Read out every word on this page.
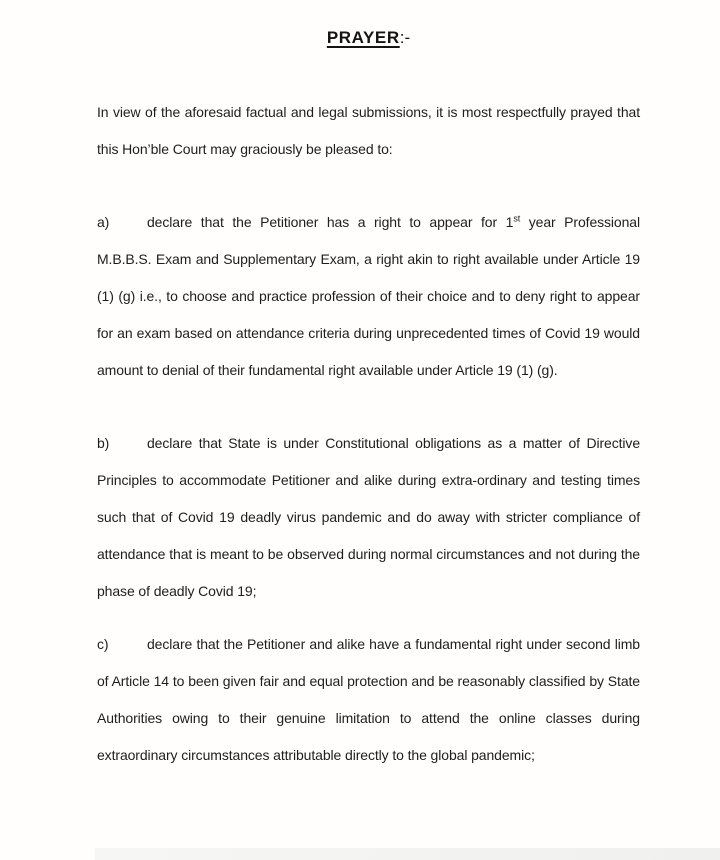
PRAYER:-

In view of the aforesaid factual and legal submissions, it is most respectfully prayed that this Hon’ble Court may graciously be pleased to:

a)	declare that the Petitioner has a right to appear for 1st year Professional M.B.B.S. Exam and Supplementary Exam, a right akin to right available under Article 19 (1) (g) i.e., to choose and practice profession of their choice and to deny right to appear for an exam based on attendance criteria during unprecedented times of Covid 19 would amount to denial of their fundamental right available under Article 19 (1) (g).

b)	declare that State is under Constitutional obligations as a matter of Directive Principles to accommodate Petitioner and alike during extra-ordinary and testing times such that of Covid 19 deadly virus pandemic and do away with stricter compliance of attendance that is meant to be observed during normal circumstances and not during the phase of deadly Covid 19;

c)	declare that the Petitioner and alike have a fundamental right under second limb of Article 14 to been given fair and equal protection and be reasonably classified by State Authorities owing to their genuine limitation to attend the online classes during extraordinary circumstances attributable directly to the global pandemic;
